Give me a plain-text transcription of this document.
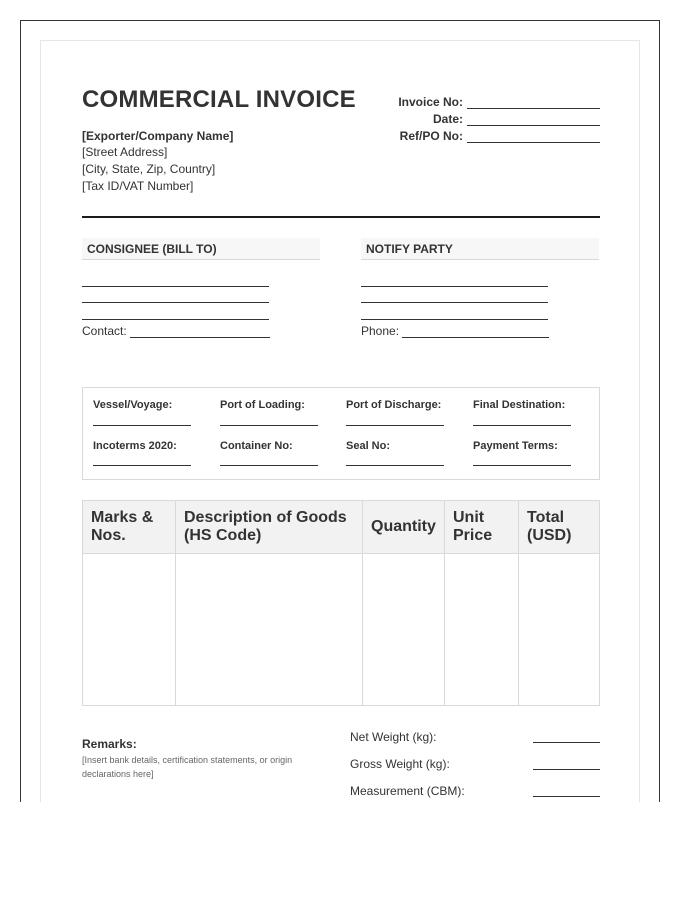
COMMERCIAL INVOICE
[Exporter/Company Name]
[Street Address]
[City, State, Zip, Country]
[Tax ID/VAT Number]
Invoice No:
Date:
Ref/PO No:
CONSIGNEE (BILL TO)
Contact:
NOTIFY PARTY
Phone:
Vessel/Voyage:	Port of Loading:	Port of Discharge:	Final Destination:
Incoterms 2020:	Container No:	Seal No:	Payment Terms:
Marks & Nos.	Description of Goods (HS Code)	Quantity	Unit Price	Total (USD)

Remarks:
[Insert bank details, certification statements, or origin declarations here]
Net Weight (kg):
Gross Weight (kg):
Measurement (CBM):
